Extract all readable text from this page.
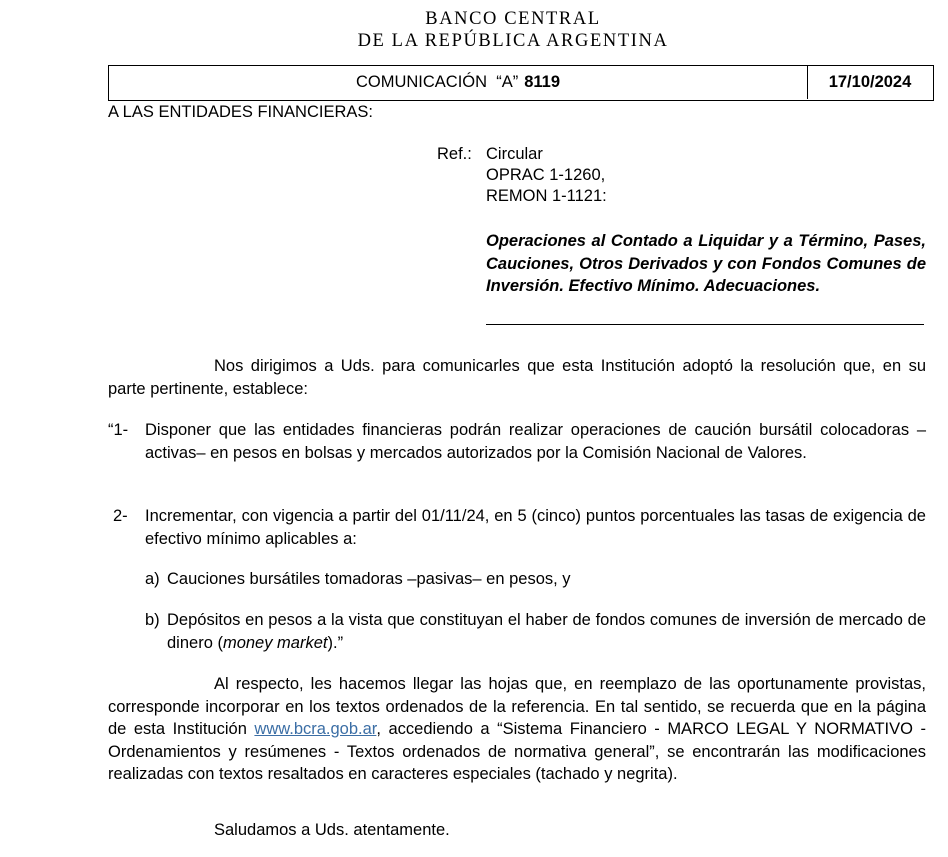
BANCO CENTRAL
DE LA REPÚBLICA ARGENTINA
COMUNICACIÓN  “A” 8119	17/10/2024
A LAS ENTIDADES FINANCIERAS:
Ref.: Circular
OPRAC 1-1260,
REMON 1-1121:
Operaciones al Contado a Liquidar y a Término, Pases, Cauciones, Otros Derivados y con Fondos Comunes de Inversión. Efectivo Mínimo. Adecuaciones.
Nos dirigimos a Uds. para comunicarles que esta Institución adoptó la resolución que, en su parte pertinente, establece:
“1- Disponer que las entidades financieras podrán realizar operaciones de caución bursátil colocadoras –activas– en pesos en bolsas y mercados autorizados por la Comisión Nacional de Valores.
2- Incrementar, con vigencia a partir del 01/11/24, en 5 (cinco) puntos porcentuales las tasas de exigencia de efectivo mínimo aplicables a:
a) Cauciones bursátiles tomadoras –pasivas– en pesos, y
b) Depósitos en pesos a la vista que constituyan el haber de fondos comunes de inversión de mercado de dinero (money market).”
Al respecto, les hacemos llegar las hojas que, en reemplazo de las oportunamente provistas, corresponde incorporar en los textos ordenados de la referencia. En tal sentido, se recuerda que en la página de esta Institución www.bcra.gob.ar, accediendo a “Sistema Financiero - MARCO LEGAL Y NORMATIVO - Ordenamientos y resúmenes - Textos ordenados de normativa general”, se encontrarán las modificaciones realizadas con textos resaltados en caracteres especiales (tachado y negrita).
Saludamos a Uds. atentamente.
